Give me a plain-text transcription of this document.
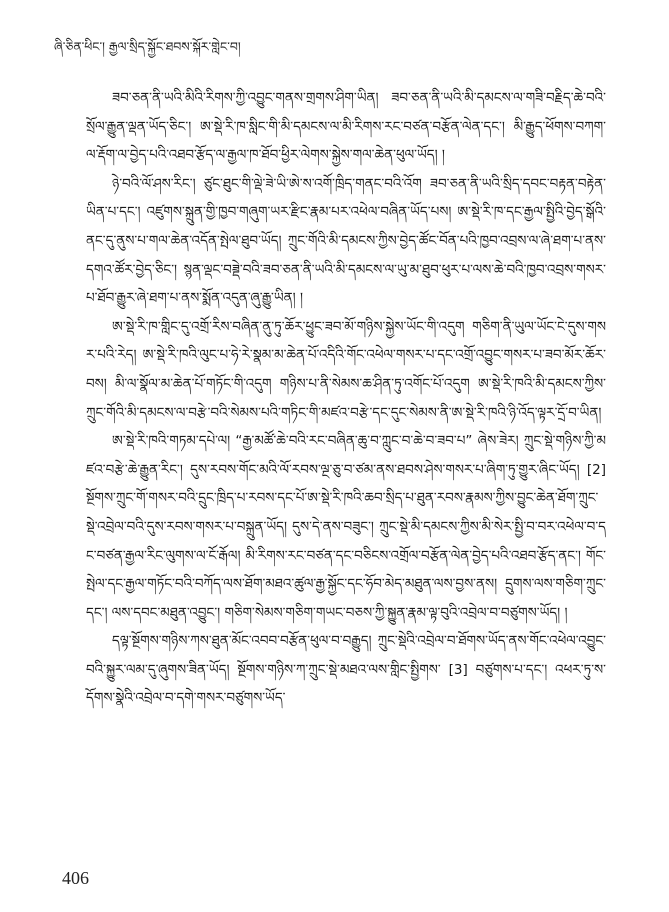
ཞི་ཅིན་ཕིང་། རྒྱལ་སྲིད་སྐྱོང་ཐབས་སྐོར་གླེང་བ།

ཟབ་ཅན་ནི་ཡའི་མིའི་རིགས་ཀྱི་འབྱུང་གནས་གྲགས་ཤིག་ཡིན། ཟབ་ཅན་ནི་ཡའི་མི་དམངས་ལ་གཟི་བརྗིད་ཆེ་བའི་སྲོལ་རྒྱུན་ལྡན་ཡོད་ཅིང་། ཨ་སྡེ་རི་ཁ་སླིང་གི་མི་དམངས་ལ་མི་རིགས་རང་བཙན་བརྩོན་ལེན་དང་། མི་རྒྱུད་ཕོགས་བཀག་ལ་རྡོག་ལ་བྱེད་པའི་འཐབ་རྩོད་ལ་རྒྱལ་ཁ་ཐོབ་ཕྱིར་ལེགས་སྐྱེས་གལ་ཆེན་ཕུལ་ཡོད། །

ཉེ་བའི་ལོ་ཤས་རིང་། ཙུང་ཐུང་གི་ལྡེ་ཟེ་ཡི་ཨེ་ས་འགོ་ཁྲིད་གནང་བའི་འོག ཟབ་ཅན་ནི་ཡའི་སྲིད་དབང་བརྟན་བརྟེན་ཡིན་པ་དང་། འཛུགས་སྐྲུན་གྱི་ཁྱབ་གཞུག་ཡར་རྫིང་རྣམ་པར་འཕེལ་བཞིན་ཡོད་པས། ཨ་སྡེ་རི་ཁ་དང་རྒྱལ་སྤྱིའི་བྱེད་སྒོའི་ནང་དུ་ནུས་པ་གལ་ཆེན་འདོན་སྤེལ་ཐུབ་ཡོད། ཀྲུང་གོའི་མི་དམངས་ཀྱིས་བྱེད་ཚོང་བོན་པའི་ཁྱབ་འབྲས་ལ་ཞེ་ཐག་པ་ནས་དགའ་ཚོར་བྱེད་ཅིང་། སྙན་ལྡང་བཟྡེ་བའི་ཟབ་ཅན་ནི་ཡའི་མི་དམངས་ལ་ཡུ་མ་ཐུབ་ཕུར་པ་ལས་ཆེ་བའི་ཁྱབ་འབྲས་གསར་པ་ཐོབ་རྒྱུར་ཞེ་ཐག་པ་ནས་སྨོན་འདུན་ཞུ་རྒྱུ་ཡིན། །

ཨ་སྡེ་རི་ཁ་གླིང་དུ་འགྲོ་རིས་བཞིན་ནུ་ཏུ་ཆོར་ཕྱུང་ཟབ་མོ་གཉིས་སྐྱེས་ཡོང་གི་འདུག གཅིག་ནི་ཡུལ་ཡོང་ངེ་དུས་གསར་པའི་རེད། ཨ་སྡེ་རི་ཁའི་ལུང་པ་ཧེ་རེ་སྣམ་མ་ཆེན་པོ་འདིའི་གོང་འཕེལ་གསར་པ་དང་འགྲོ་འབྱུང་གསར་པ་ཟབ་མོར་ཆོར་བས། མི་ལ་སྣོལ་མ་ཆེན་པོ་གཏོང་གི་འདུག གཉིས་པ་ནི་སེམས་ཆ་ཤིན་ཏུ་འགོང་པོ་འདུག ཨ་སྡེ་རི་ཁའི་མི་དམངས་ཀྱིས་ཀྲུང་གོའི་མི་དམངས་ལ་བརྩེ་བའི་སེམས་པའི་གཏིང་གི་མཛའ་བརྩེ་དང་དུང་སེམས་ནི་ཨ་སྡེ་རི་ཁའི་ཉི་འོད་ལྟར་དྲོ་བ་ཡིན།

ཨ་སྡེ་རི་ཁའི་གཏམ་དཔེ་ལ། “རྒྱ་མཚོ་ཆེ་བའི་རང་བཞིན་ཆུ་བ་ཀླུང་བ་ཆེ་བ་ཟབ་པ” ཞེས་ཟེར། ཀྲུང་སྡེ་གཉིས་ཀྱི་མཛའ་བརྩེ་ཆེ་རྒྱུན་རིང་། དུས་རབས་གོང་མའི་ལོ་རབས་ལྔ་ཅུ་བ་ཙམ་ནས་ཐབས་ཤེས་གསར་པ་ཞིག་ཏུ་གྱུར་ཞིང་ཡོད། [2] སྔོགས་ཀྲུང་གོ་གསར་བའི་དྲུང་ཁྲིད་པ་རབས་དང་པོ་ཨ་སྡེ་རི་ཁའི་ཆབ་སྲིད་པ་ཐུན་རབས་རྣམས་ཀྱིས་བྱུང་ཆེན་ཐོག་ཀྲུང་སྡེ་འབྲེལ་བའི་དུས་རབས་གསར་པ་བསྐྲུན་ཡོད། དུས་དེ་ནས་བཟུང་། ཀྲུང་སྡེ་མི་དམངས་ཀྱིས་མི་སེར་སྤྱི་བ་བར་འཕེལ་བ་དང་བཙན་རྒྱལ་རིང་ལུགས་ལ་ངོ་རྒོལ། མི་རིགས་རང་བཙན་དང་བཅིངས་འགྲོལ་བརྩོན་ལེན་བྱེད་པའི་འཐབ་རྩོད་ནང་། གོང་སྤེལ་དང་རྒྱལ་གཏོང་བའི་བཀོད་ལས་ཐོག་མཐའ་ཚུལ་རྒྱ་སྐྱོང་དང་ཧོབ་མེད་མཐུན་ལས་བྱས་ནས། དྲུགས་ལས་གཅིག་ཀྲུང་དང་། ལས་དབང་མཐུན་འབྱུང་། གཅིག་སེམས་གཅིག་གཡང་བཅས་ཀྱི་སྐྱུན་རྣམ་ལྟ་བུའི་འབྲེལ་བ་བཙུགས་ཡོད། །

དལྟ་སྔོགས་གཉིས་ཀས་ཐུན་མོང་འབབ་བརྩོན་ཕུལ་བ་བརྒྱུད། ཀྲུང་སྡེའི་འབྲེལ་བ་ཐོགས་ཡོད་ནས་གོང་འཕེལ་འབྱུང་བའི་སྐྱུར་ལམ་དུ་ཞུགས་ཟིན་ཡོད། སྔོགས་གཉིས་ཀ་ཀྲུང་སྡེ་མཐའ་ལས་གླིང་སྤྱིགས་ [3] བཙུགས་པ་དང་། འཕར་ཏུ་ས་དོགས་སྣེའི་འབྲེལ་བ་དགེ་གསར་བཙུགས་ཡོད་

406
